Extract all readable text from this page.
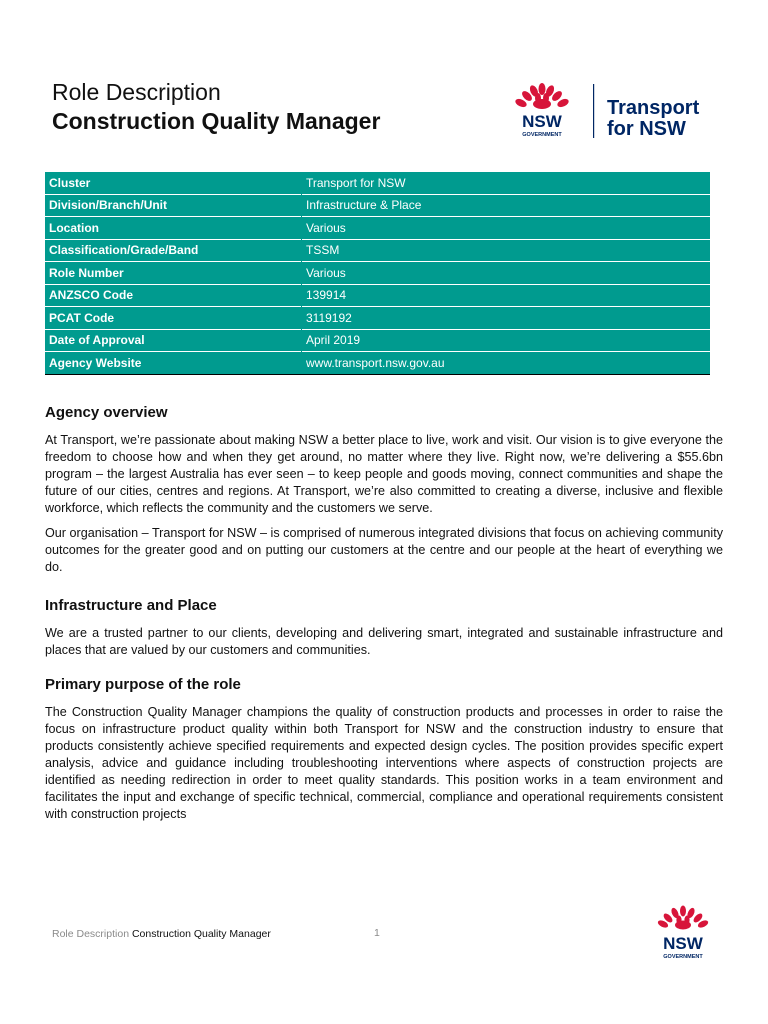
Role Description
Construction Quality Manager	NSW
GOVERNMENT
Transport
for NSW
Cluster	Transport for NSW
Division/Branch/Unit	Infrastructure & Place
Location	Various
Classification/Grade/Band	TSSM
Role Number	Various
ANZSCO Code	139914
PCAT Code	3119192
Date of Approval	April 2019
Agency Website	www.transport.nsw.gov.au
Agency overview

At Transport, we’re passionate about making NSW a better place to live, work and visit. Our vision is to give everyone the freedom to choose how and when they get around, no matter where they live. Right now, we’re delivering a $55.6bn program – the largest Australia has ever seen – to keep people and goods moving, connect communities and shape the future of our cities, centres and regions. At Transport, we’re also committed to creating a diverse, inclusive and flexible workforce, which reflects the community and the customers we serve.

Our organisation – Transport for NSW – is comprised of numerous integrated divisions that focus on achieving community outcomes for the greater good and on putting our customers at the centre and our people at the heart of everything we do.

Infrastructure and Place

We are a trusted partner to our clients, developing and delivering smart, integrated and sustainable infrastructure and places that are valued by our customers and communities.

Primary purpose of the role

The Construction Quality Manager champions the quality of construction products and processes in order to raise the focus on infrastructure product quality within both Transport for NSW and the construction industry to ensure that products consistently achieve specified requirements and expected design cycles. The position provides specific expert analysis, advice and guidance including troubleshooting interventions where aspects of construction projects are identified as needing redirection in order to meet quality standards. This position works in a team environment and facilitates the input and exchange of specific technical, commercial, compliance and operational requirements consistent with construction projects

Role Description Construction Quality Manager	1
NSW
GOVERNMENT
